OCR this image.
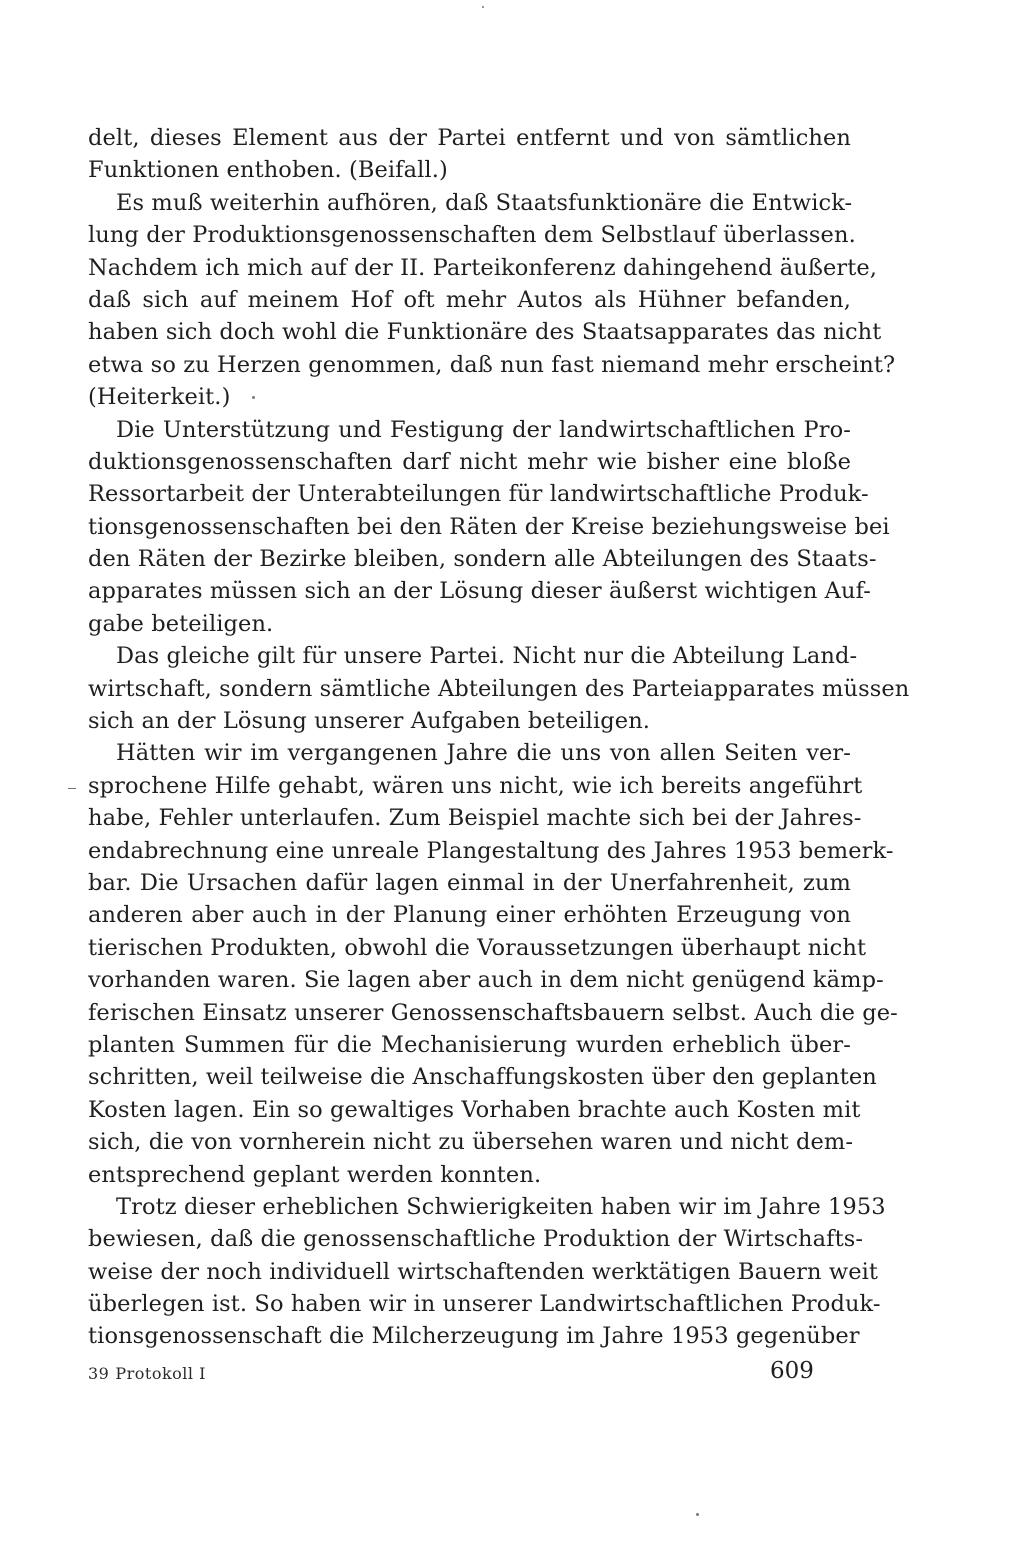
delt, dieses Element aus der Partei entfernt und von sämtlichen
Funktionen enthoben. (Beifall.)
Es muß weiterhin aufhören, daß Staatsfunktionäre die Entwick-
lung der Produktionsgenossenschaften dem Selbstlauf überlassen.
Nachdem ich mich auf der II. Parteikonferenz dahingehend äußerte,
daß sich auf meinem Hof oft mehr Autos als Hühner befanden,
haben sich doch wohl die Funktionäre des Staatsapparates das nicht
etwa so zu Herzen genommen, daß nun fast niemand mehr erscheint?
(Heiterkeit.)
Die Unterstützung und Festigung der landwirtschaftlichen Pro-
duktionsgenossenschaften darf nicht mehr wie bisher eine bloße
Ressortarbeit der Unterabteilungen für landwirtschaftliche Produk-
tionsgenossenschaften bei den Räten der Kreise beziehungsweise bei
den Räten der Bezirke bleiben, sondern alle Abteilungen des Staats-
apparates müssen sich an der Lösung dieser äußerst wichtigen Auf-
gabe beteiligen.
Das gleiche gilt für unsere Partei. Nicht nur die Abteilung Land-
wirtschaft, sondern sämtliche Abteilungen des Parteiapparates müssen
sich an der Lösung unserer Aufgaben beteiligen.
Hätten wir im vergangenen Jahre die uns von allen Seiten ver-
sprochene Hilfe gehabt, wären uns nicht, wie ich bereits angeführt
habe, Fehler unterlaufen. Zum Beispiel machte sich bei der Jahres-
endabrechnung eine unreale Plangestaltung des Jahres 1953 bemerk-
bar. Die Ursachen dafür lagen einmal in der Unerfahrenheit, zum
anderen aber auch in der Planung einer erhöhten Erzeugung von
tierischen Produkten, obwohl die Voraussetzungen überhaupt nicht
vorhanden waren. Sie lagen aber auch in dem nicht genügend kämp-
ferischen Einsatz unserer Genossenschaftsbauern selbst. Auch die ge-
planten Summen für die Mechanisierung wurden erheblich über-
schritten, weil teilweise die Anschaffungskosten über den geplanten
Kosten lagen. Ein so gewaltiges Vorhaben brachte auch Kosten mit
sich, die von vornherein nicht zu übersehen waren und nicht dem-
entsprechend geplant werden konnten.
Trotz dieser erheblichen Schwierigkeiten haben wir im Jahre 1953
bewiesen, daß die genossenschaftliche Produktion der Wirtschafts-
weise der noch individuell wirtschaftenden werktätigen Bauern weit
überlegen ist. So haben wir in unserer Landwirtschaftlichen Produk-
tionsgenossenschaft die Milcherzeugung im Jahre 1953 gegenüber
39 Protokoll I	609
